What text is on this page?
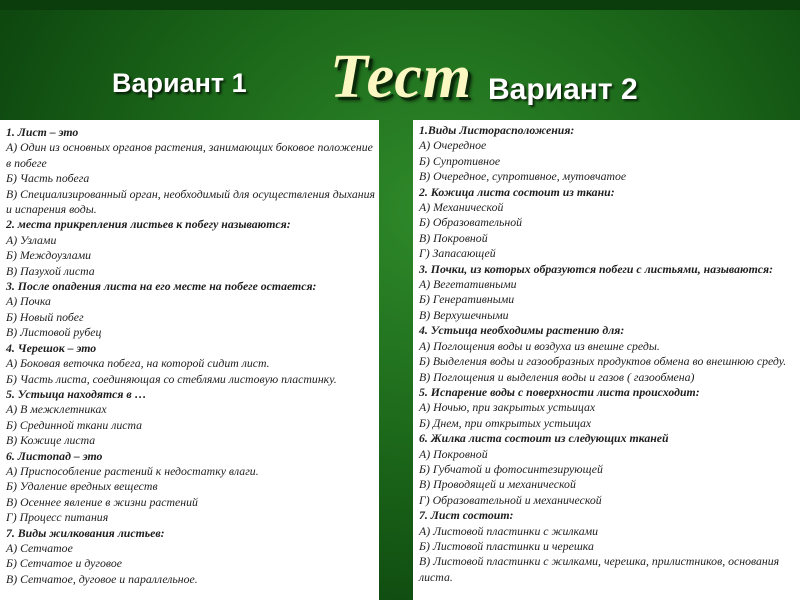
Вариант 1 Тест Вариант 2
1. Лист – это
А) Один из основных органов растения, занимающих боковое положение в побеге
Б) Часть побега
В) Специализированный орган, необходимый для осуществления дыхания и испарения воды.
2. места прикрепления листьев к побегу называются:
А) Узлами
Б) Междоузлами
В) Пазухой листа
3. После опадения листа на его месте на побеге остается:
А) Почка
Б) Новый побег
В) Листовой рубец
4. Черешок – это
А) Боковая веточка побега, на которой сидит лист.
Б) Часть листа, соединяющая со стеблями листовую пластинку.
5. Устьица находятся в …
А) В межклетниках
Б) Срединной ткани листа
В) Кожице листа
6. Листопад – это
А) Приспособление растений к недостатку влаги.
Б) Удаление вредных веществ
В) Осеннее явление в жизни растений
Г) Процесс питания
7. Виды жилкования листьев:
А) Сетчатое
Б) Сетчатое и дуговое
В) Сетчатое, дуговое и параллельное.
1.Виды Листорасположения:
А) Очередное
Б) Супротивное
В) Очередное, супротивное, мутовчатое
2. Кожица листа состоит из ткани:
А) Механической
Б) Образовательной
В) Покровной
Г) Запасающей
3. Почки, из которых образуются побеги с листьями, называются:
А) Вегетативными
Б) Генеративными
В) Верхушечными
4. Устьица необходимы растению для:
А) Поглощения воды и воздуха из внешне среды.
Б) Выделения воды и газообразных продуктов обмена во внешнюю среду.
В) Поглощения и выделения воды и газов ( газообмена)
5. Испарение воды с поверхности листа происходит:
А) Ночью, при закрытых устьицах
Б) Днем, при открытых устьицах
6. Жилка листа состоит из следующих тканей
А) Покровной
Б) Губчатой и фотосинтезирующей
В) Проводящей и механической
Г) Образовательной и механической
7. Лист состоит:
А) Листовой пластинки с жилками
Б) Листовой пластинки и черешка
В) Листовой пластинки с жилками, черешка, прилистников, основания листа.
